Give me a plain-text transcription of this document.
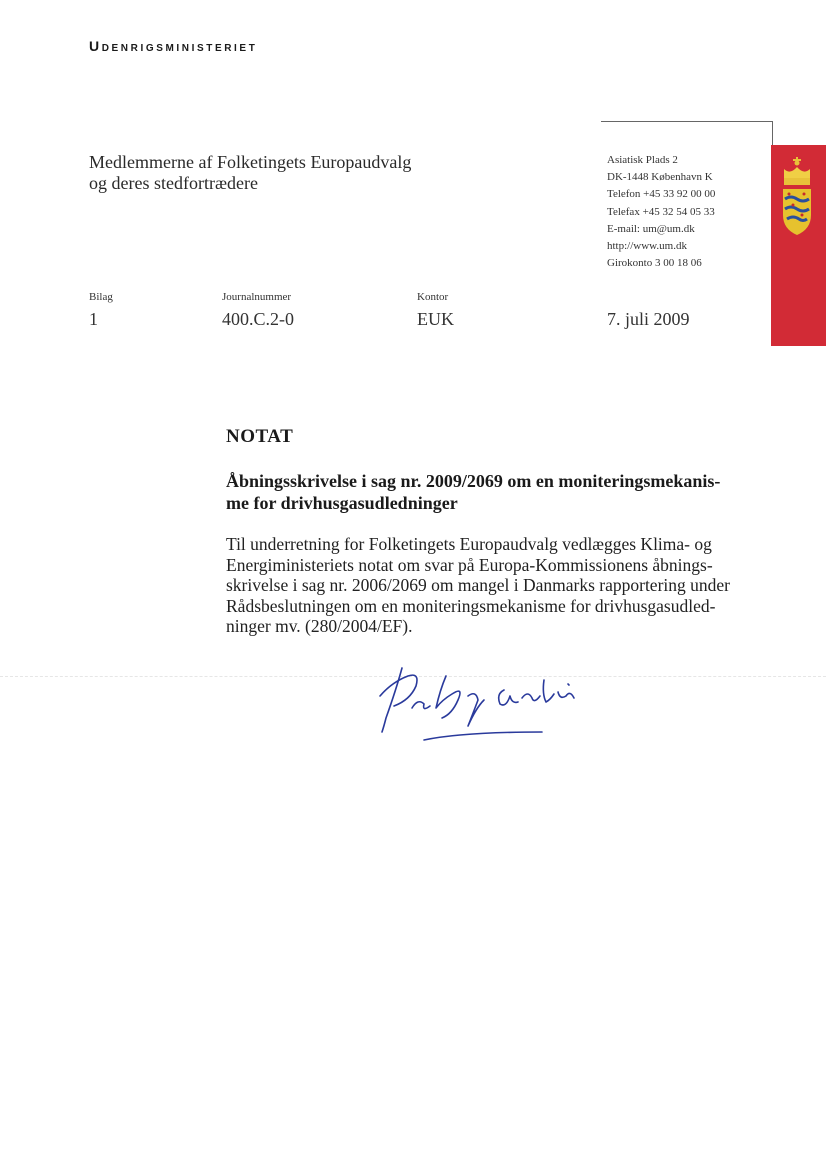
Udenrigsministeriet
Medlemmerne af Folketingets Europaudvalg
og deres stedfortrædere
Asiatisk Plads 2
DK-1448 København K
Telefon +45 33 92 00 00
Telefax +45 32 54 05 33
E-mail: um@um.dk
http://www.um.dk
Girokonto 3 00 18 06
Bilag
1
Journalnummer
400.C.2-0
Kontor
EUK	7. juli 2009
NOTAT
Åbningsskrivelse i sag nr. 2009/2069 om en moniteringsmekanis-
me for drivhusgasudledninger
Til underretning for Folketingets Europaudvalg vedlægges Klima- og
Energiministeriets notat om svar på Europa-Kommissionens åbnings-
skrivelse i sag nr. 2006/2069 om mangel i Danmarks rapportering under
Rådsbeslutningen om en moniteringsmekanisme for drivhusgasudled-
ninger mv. (280/2004/EF).
